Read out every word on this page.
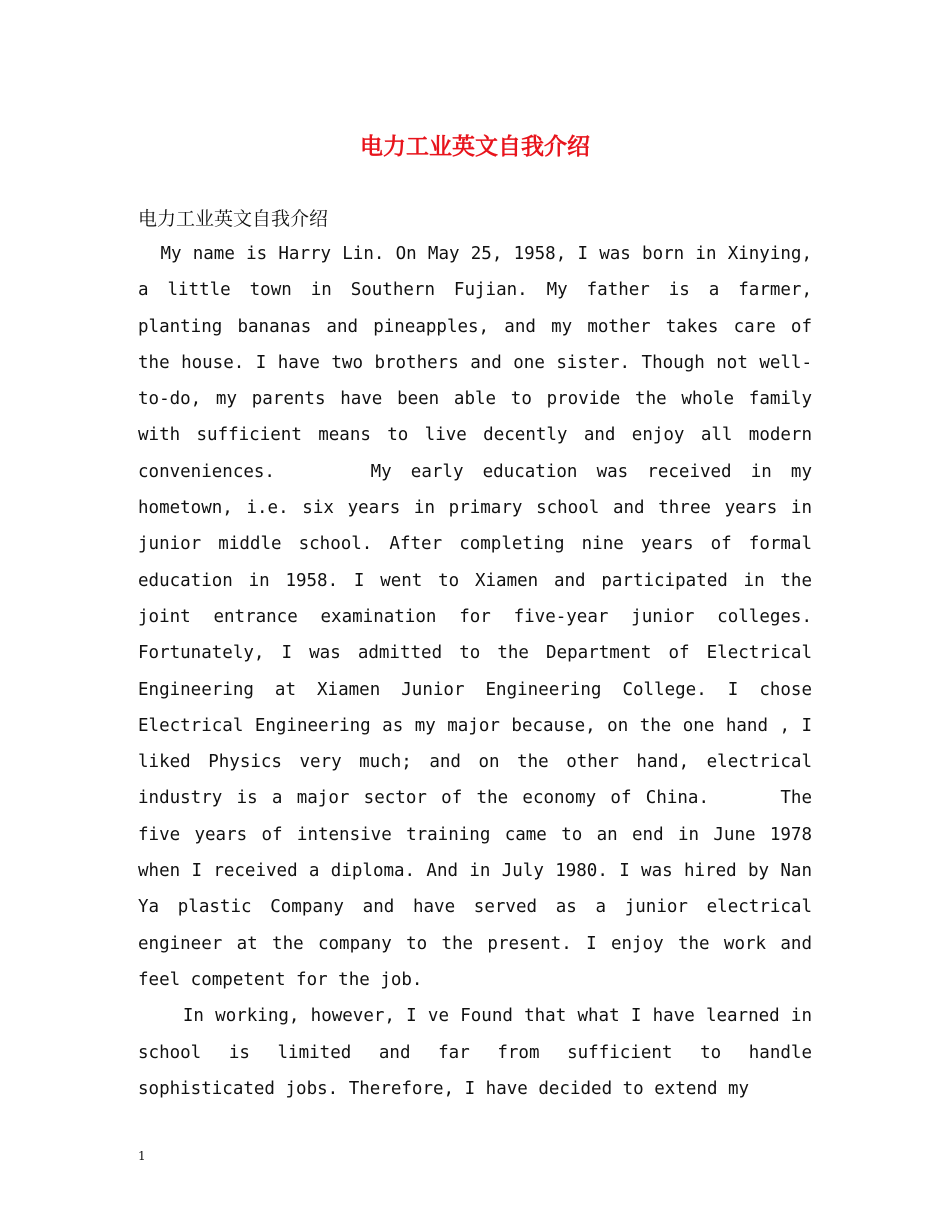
电力工业英文自我介绍

电力工业英文自我介绍

My name is Harry Lin. On May 25, 1958, I was born in Xinying, a little town in Southern Fujian. My father is a farmer, planting bananas and pineapples, and my mother takes care of the house. I have two brothers and one sister. Though not well-to-do, my parents have been able to provide the whole family with sufficient means to live decently and enjoy all modern conveniences.     My early education was received in my hometown, i.e. six years in primary school and three years in junior middle school. After completing nine years of formal education in 1958. I went to Xiamen and participated in the joint entrance examination for five-year junior colleges. Fortunately, I was admitted to the Department of Electrical Engineering at Xiamen Junior Engineering College. I chose Electrical Engineering as my major because, on the one hand , I liked Physics very much; and on the other hand, electrical industry is a major sector of the economy of China.     The five years of intensive training came to an end in June 1978 when I received a diploma. And in July 1980. I was hired by Nan Ya plastic Company and have served as a junior electrical engineer at the company to the present. I enjoy the work and feel competent for the job.

In working, however, I ve Found that what I have learned in school is limited and far from sufficient to handle sophisticated jobs. Therefore, I have decided to extend my

1
